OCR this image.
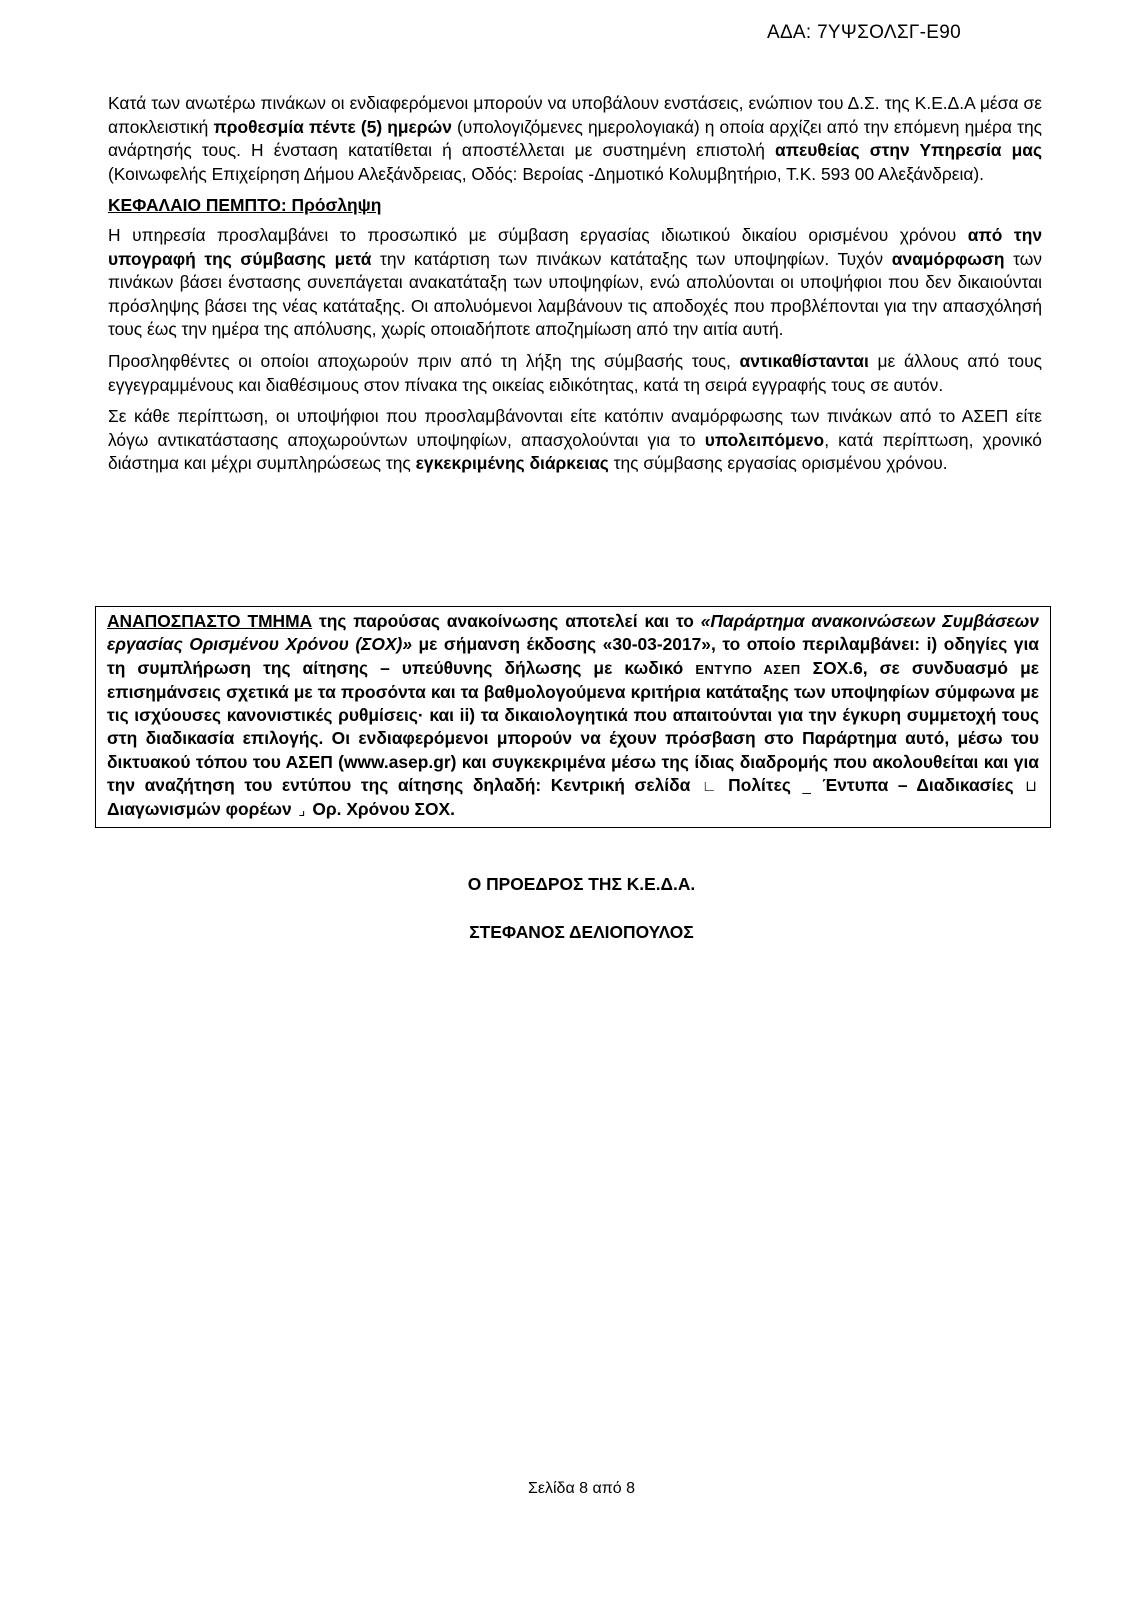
ΑΔΑ: 7ΥΨΣΟΛΣΓ-Ε90

Κατά των ανωτέρω πινάκων οι ενδιαφερόμενοι μπορούν να υποβάλουν ενστάσεις, ενώπιον του Δ.Σ. της Κ.Ε.Δ.Α μέσα σε αποκλειστική προθεσμία πέντε (5) ημερών (υπολογιζόμενες ημερολογιακά) η οποία αρχίζει από την επόμενη ημέρα της ανάρτησής τους. Η ένσταση κατατίθεται ή αποστέλλεται με συστημένη επιστολή απευθείας στην Υπηρεσία μας (Κοινωφελής Επιχείρηση Δήμου Αλεξάνδρειας, Οδός: Βεροίας -Δημοτικό Κολυμβητήριο, Τ.Κ. 593 00 Αλεξάνδρεια).

ΚΕΦΑΛΑΙΟ ΠΕΜΠΤΟ: Πρόσληψη

Η υπηρεσία προσλαμβάνει το προσωπικό με σύμβαση εργασίας ιδιωτικού δικαίου ορισμένου χρόνου από την υπογραφή της σύμβασης μετά την κατάρτιση των πινάκων κατάταξης των υποψηφίων. Τυχόν αναμόρφωση των πινάκων βάσει ένστασης συνεπάγεται ανακατάταξη των υποψηφίων, ενώ απολύονται οι υποψήφιοι που δεν δικαιούνται πρόσληψης βάσει της νέας κατάταξης. Οι απολυόμενοι λαμβάνουν τις αποδοχές που προβλέπονται για την απασχόλησή τους έως την ημέρα της απόλυσης, χωρίς οποιαδήποτε αποζημίωση από την αιτία αυτή.

Προσληφθέντες οι οποίοι αποχωρούν πριν από τη λήξη της σύμβασής τους, αντικαθίστανται με άλλους από τους εγγεγραμμένους και διαθέσιμους στον πίνακα της οικείας ειδικότητας, κατά τη σειρά εγγραφής τους σε αυτόν.

Σε κάθε περίπτωση, οι υποψήφιοι που προσλαμβάνονται είτε κατόπιν αναμόρφωσης των πινάκων από το ΑΣΕΠ είτε λόγω αντικατάστασης αποχωρούντων υποψηφίων, απασχολούνται για το υπολειπόμενο, κατά περίπτωση, χρονικό διάστημα και μέχρι συμπληρώσεως της εγκεκριμένης διάρκειας της σύμβασης εργασίας ορισμένου χρόνου.

ΑΝΑΠΟΣΠΑΣΤΟ ΤΜΗΜΑ της παρούσας ανακοίνωσης αποτελεί και το «Παράρτημα ανακοινώσεων Συμβάσεων εργασίας Ορισμένου Χρόνου (ΣΟΧ)» με σήμανση έκδοσης «30-03-2017», το οποίο περιλαμβάνει: i) οδηγίες για τη συμπλήρωση της αίτησης – υπεύθυνης δήλωσης με κωδικό ΕΝΤΥΠΟ ΑΣΕΠ ΣΟΧ.6, σε συνδυασμό με επισημάνσεις σχετικά με τα προσόντα και τα βαθμολογούμενα κριτήρια κατάταξης των υποψηφίων σύμφωνα με τις ισχύουσες κανονιστικές ρυθμίσεις· και ii) τα δικαιολογητικά που απαιτούνται για την έγκυρη συμμετοχή τους στη διαδικασία επιλογής. Οι ενδιαφερόμενοι μπορούν να έχουν πρόσβαση στο Παράρτημα αυτό, μέσω του δικτυακού τόπου του ΑΣΕΠ (www.asep.gr) και συγκεκριμένα μέσω της ίδιας διαδρομής που ακολουθείται και για την αναζήτηση του εντύπου της αίτησης δηλαδή: Κεντρική σελίδα ∟ Πολίτες _ Έντυπα – Διαδικασίες ⊔ Διαγωνισμών φορέων ⌟ Ορ. Χρόνου ΣΟΧ.
Ο ΠΡΟΕΔΡΟΣ ΤΗΣ Κ.Ε.Δ.Α.
ΣΤΕΦΑΝΟΣ ΔΕΛΙΟΠΟΥΛΟΣ
Σελίδα 8 από 8
